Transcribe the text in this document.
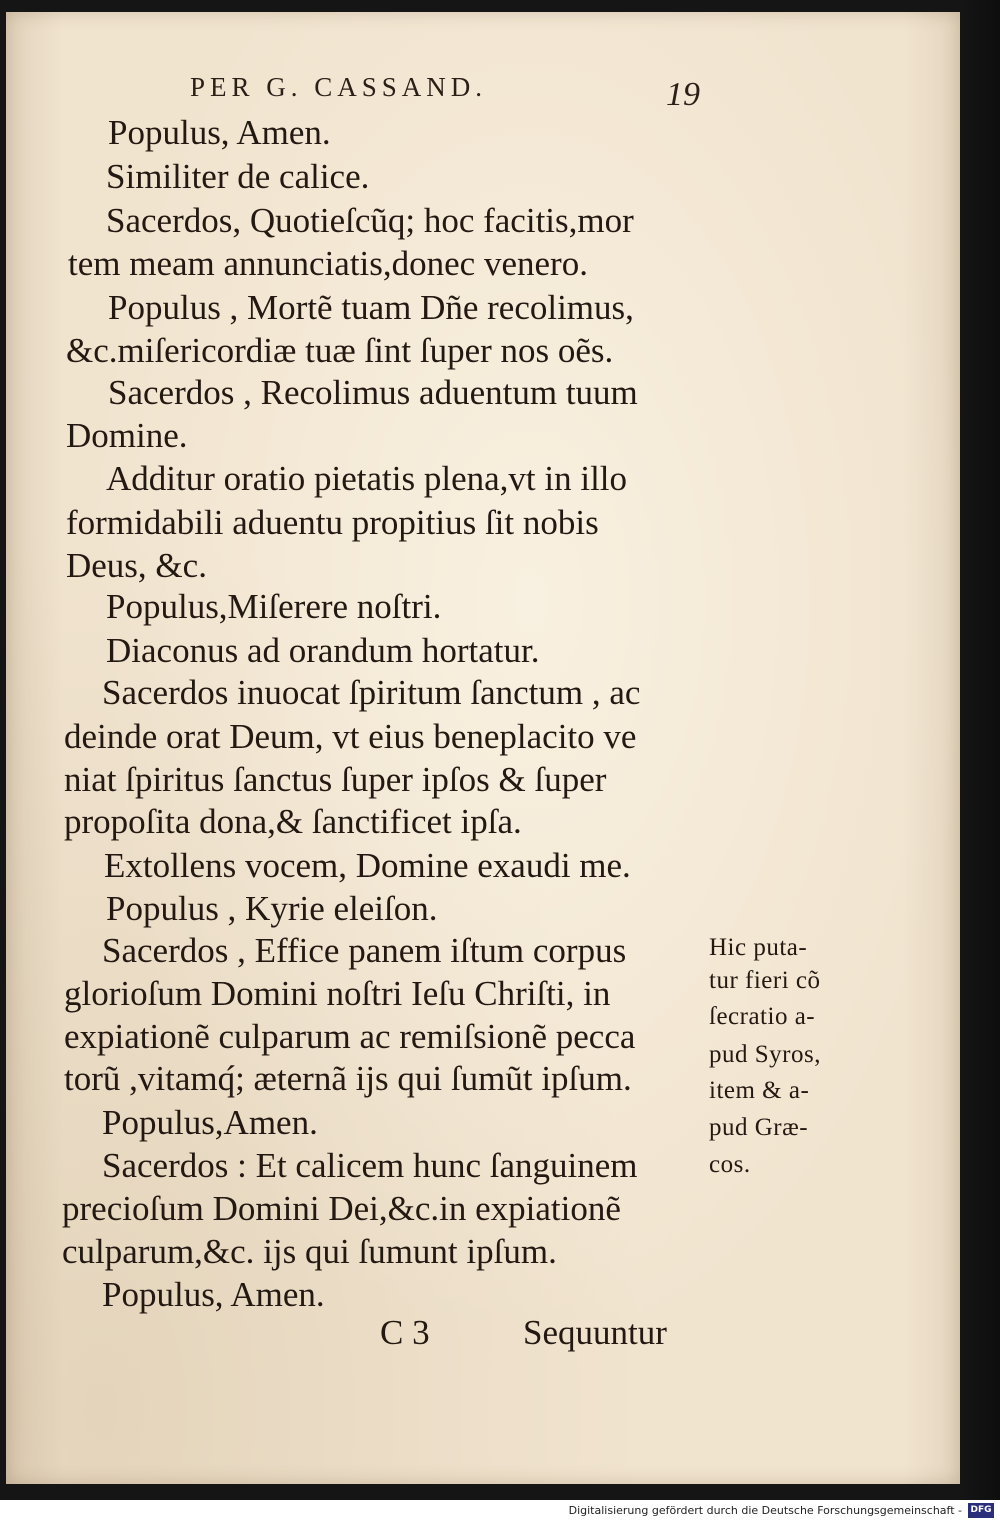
PER G. CASSAND.	19
Populus, Amen.
Similiter de calice.
Sacerdos, Quotieſcũq; hoc facitis,mor
tem meam annunciatis,donec venero.
Populus , Mortẽ tuam Dñe recolimus,
&c.miſericordiæ tuæ ſint ſuper nos oẽs.
Sacerdos , Recolimus aduentum tuum
Domine.
Additur oratio pietatis plena,vt in illo
formidabili aduentu propitius ſit nobis
Deus, &c.
Populus,Miſerere noſtri.
Diaconus ad orandum hortatur.
Sacerdos inuocat ſpiritum ſanctum , ac
deinde orat Deum, vt eius beneplacito ve
niat ſpiritus ſanctus ſuper ipſos & ſuper
propoſita dona,& ſanctificet ipſa.
Extollens vocem, Domine exaudi me.
Populus , Kyrie eleiſon.
Sacerdos , Effice panem iſtum corpus
glorioſum Domini noſtri Ieſu Chriſti, in
expiationẽ culparum ac remiſsionẽ pecca
torũ ,vitamq́; æternã ijs qui ſumũt ipſum.
Populus,Amen.
Sacerdos : Et calicem hunc ſanguinem
precioſum Domini Dei,&c.in expiationẽ
culparum,&c. ijs qui ſumunt ipſum.
Populus, Amen.
Hic puta-
tur fieri cõ
ſecratio a-
pud Syros,
item & a-
pud Græ-
cos.
C 3	Sequuntur
Digitalisierung gefördert durch die Deutsche Forschungsgemeinschaft - DFG
